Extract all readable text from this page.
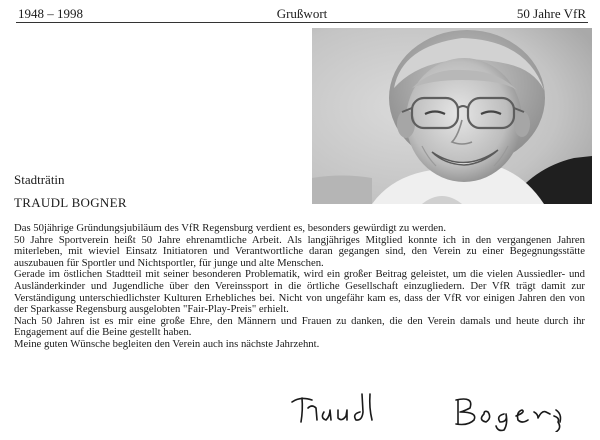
1948 – 1998	Grußwort	50 Jahre VfR
Stadträtin
TRAUDL BOGNER

Das 50jährige Gründungsjubiläum des VfR Regensburg verdient es, besonders gewürdigt zu werden.

50 Jahre Sportverein heißt 50 Jahre ehrenamtliche Arbeit. Als langjähriges Mitglied konnte ich in den vergangenen Jahren miterleben, mit wieviel Einsatz Initiatoren und Verantwortliche daran gegangen sind, den Verein zu einer Begegnungsstätte auszubauen für Sportler und Nichtsportler, für junge und alte Menschen.

Gerade im östlichen Stadtteil mit seiner besonderen Problematik, wird ein großer Beitrag geleistet, um die vielen Aussiedler- und Ausländerkinder und Jugendliche über den Vereinssport in die örtliche Gesellschaft einzugliedern. Der VfR trägt damit zur Verständigung unterschiedlichster Kulturen Erhebliches bei. Nicht von ungefähr kam es, dass der VfR vor einigen Jahren den von der Sparkasse Regensburg ausgelobten "Fair-Play-Preis" erhielt.

Nach 50 Jahren ist es mir eine große Ehre, den Männern und Frauen zu danken, die den Verein damals und heute durch ihr Engagement auf die Beine gestellt haben.

Meine guten Wünsche begleiten den Verein auch ins nächste Jahrzehnt.
